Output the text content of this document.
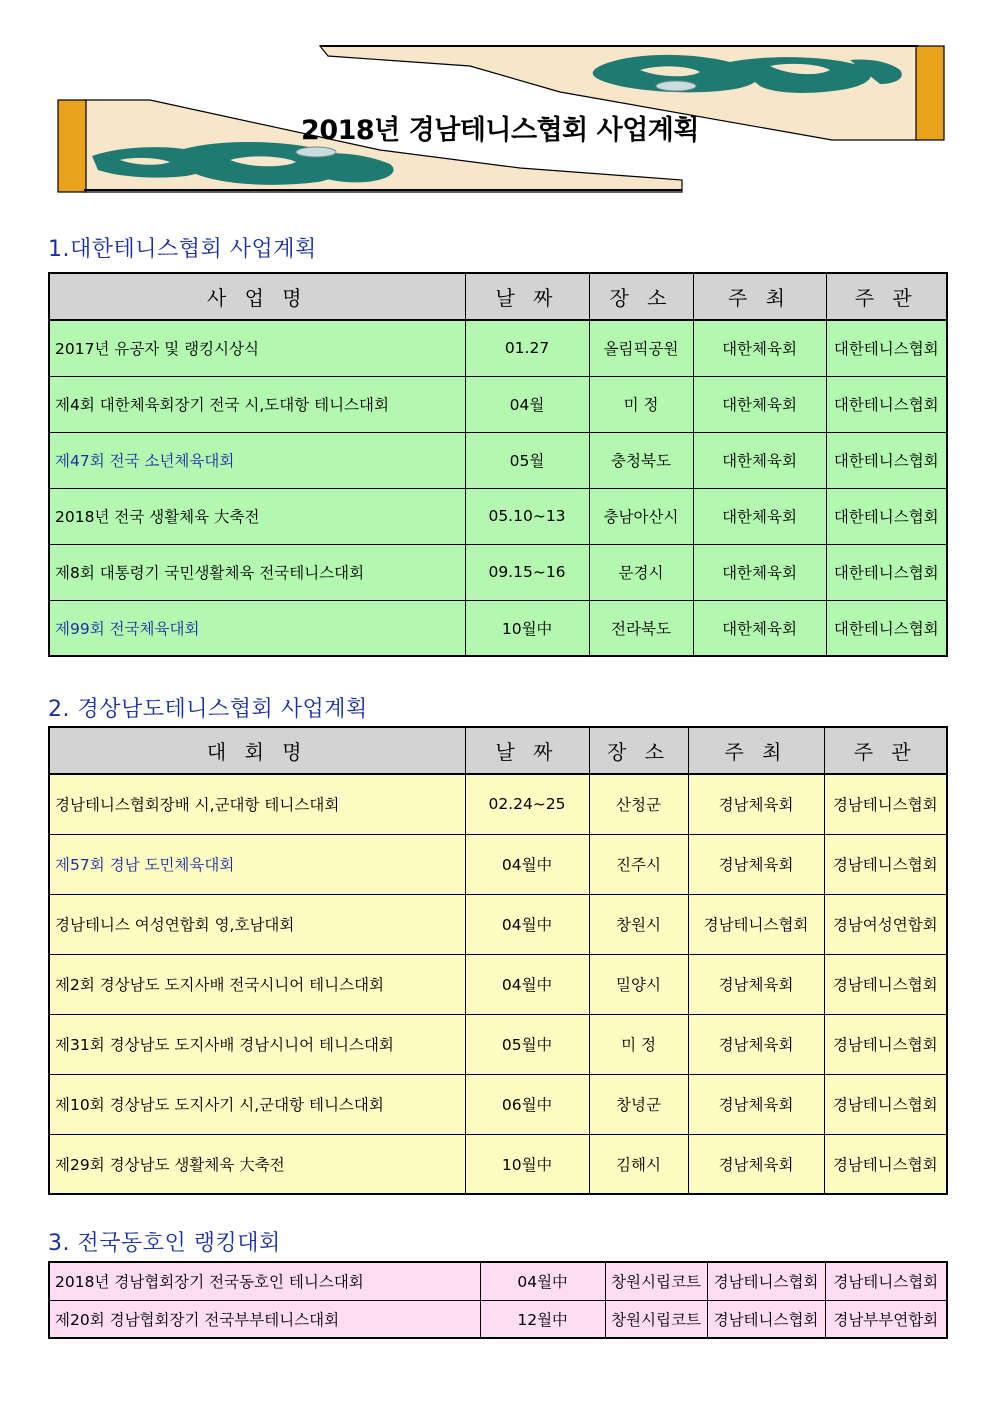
2018년 경남테니스협회 사업계획
1.대한테니스협회 사업계획
사 업 명	날 짜	장 소	주 최	주 관
2017년 유공자 및 랭킹시상식	01.27	올림픽공원	대한체육회	대한테니스협회
제4회 대한체육회장기 전국 시,도대항 테니스대회	04월	미 정	대한체육회	대한테니스협회
제47회 전국 소년체육대회	05월	충청북도	대한체육회	대한테니스협회
2018년 전국 생활체육 大축전	05.10~13	충남아산시	대한체육회	대한테니스협회
제8회 대통령기 국민생활체육 전국테니스대회	09.15~16	문경시	대한체육회	대한테니스협회
제99회 전국체육대회	10월中	전라북도	대한체육회	대한테니스협회
2. 경상남도테니스협회 사업계획
대 회 명	날 짜	장 소	주 최	주 관
경남테니스협회장배 시,군대항 테니스대회	02.24~25	산청군	경남체육회	경남테니스협회
제57회 경남 도민체육대회	04월中	진주시	경남체육회	경남테니스협회
경남테니스 여성연합회 영,호남대회	04월中	창원시	경남테니스협회	경남여성연합회
제2회 경상남도 도지사배 전국시니어 테니스대회	04월中	밀양시	경남체육회	경남테니스협회
제31회 경상남도 도지사배 경남시니어 테니스대회	05월中	미 정	경남체육회	경남테니스협회
제10회 경상남도 도지사기 시,군대항 테니스대회	06월中	창녕군	경남체육회	경남테니스협회
제29회 경상남도 생활체육 大축전	10월中	김해시	경남체육회	경남테니스협회
3. 전국동호인 랭킹대회
2018년 경남협회장기 전국동호인 테니스대회	04월中	창원시립코트	경남테니스협회	경남테니스협회
제20회 경남협회장기 전국부부테니스대회	12월中	창원시립코트	경남테니스협회	경남부부연합회
